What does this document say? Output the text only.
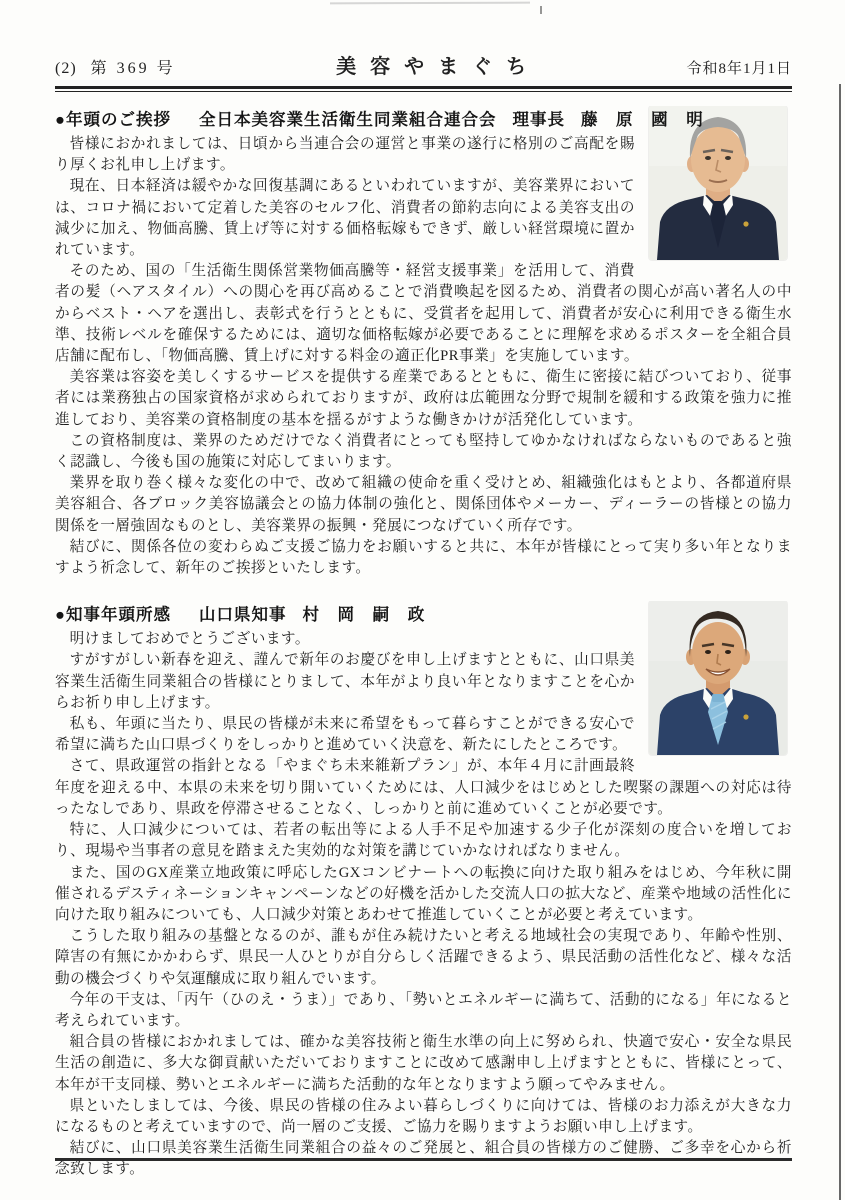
(2) 第 369 号	美容やまぐち	令和8年1月1日
●年頭のご挨拶 全日本美容業生活衛生同業組合連合会 理事長 藤 原 國 明

皆様におかれましては、日頃から当連合会の運営と事業の遂行に格別のご高配を賜り厚くお礼申し上げます。

現在、日本経済は緩やかな回復基調にあるといわれていますが、美容業界においては、コロナ禍において定着した美容のセルフ化、消費者の節約志向による美容支出の減少に加え、物価高騰、賃上げ等に対する価格転嫁もできず、厳しい経営環境に置かれています。

そのため、国の「生活衛生関係営業物価高騰等・経営支援事業」を活用して、消費者の髪（ヘアスタイル）への関心を再び高めることで消費喚起を図るため、消費者の関心が高い著名人の中からベスト・ヘアを選出し、表彰式を行うとともに、受賞者を起用して、消費者が安心に利用できる衛生水準、技術レベルを確保するためには、適切な価格転嫁が必要であることに理解を求めるポスターを全組合員店舗に配布し、「物価高騰、賃上げに対する料金の適正化PR事業」を実施しています。

美容業は容姿を美しくするサービスを提供する産業であるとともに、衛生に密接に結びついており、従事者には業務独占の国家資格が求められておりますが、政府は広範囲な分野で規制を緩和する政策を強力に推進しており、美容業の資格制度の基本を揺るがすような働きかけが活発化しています。

この資格制度は、業界のためだけでなく消費者にとっても堅持してゆかなければならないものであると強く認識し、今後も国の施策に対応してまいります。

業界を取り巻く様々な変化の中で、改めて組織の使命を重く受けとめ、組織強化はもとより、各都道府県美容組合、各ブロック美容協議会との協力体制の強化と、関係団体やメーカー、ディーラーの皆様との協力関係を一層強固なものとし、美容業界の振興・発展につなげていく所存です。

結びに、関係各位の変わらぬご支援ご協力をお願いすると共に、本年が皆様にとって実り多い年となりますよう祈念して、新年のご挨拶といたします。

●知事年頭所感 山口県知事 村 岡 嗣 政

明けましておめでとうございます。

すがすがしい新春を迎え、謹んで新年のお慶びを申し上げますとともに、山口県美容業生活衛生同業組合の皆様にとりまして、本年がより良い年となりますことを心からお祈り申し上げます。

私も、年頭に当たり、県民の皆様が未来に希望をもって暮らすことができる安心で希望に満ちた山口県づくりをしっかりと進めていく決意を、新たにしたところです。

さて、県政運営の指針となる「やまぐち未来維新プラン」が、本年４月に計画最終年度を迎える中、本県の未来を切り開いていくためには、人口減少をはじめとした喫緊の課題への対応は待ったなしであり、県政を停滞させることなく、しっかりと前に進めていくことが必要です。

特に、人口減少については、若者の転出等による人手不足や加速する少子化が深刻の度合いを増しており、現場や当事者の意見を踏まえた実効的な対策を講じていかなければなりません。

また、国のGX産業立地政策に呼応したGXコンビナートへの転換に向けた取り組みをはじめ、今年秋に開催されるデスティネーションキャンペーンなどの好機を活かした交流人口の拡大など、産業や地域の活性化に向けた取り組みについても、人口減少対策とあわせて推進していくことが必要と考えています。

こうした取り組みの基盤となるのが、誰もが住み続けたいと考える地域社会の実現であり、年齢や性別、障害の有無にかかわらず、県民一人ひとりが自分らしく活躍できるよう、県民活動の活性化など、様々な活動の機会づくりや気運醸成に取り組んでいます。

今年の干支は、「丙午（ひのえ・うま）」であり、「勢いとエネルギーに満ちて、活動的になる」年になると考えられています。

組合員の皆様におかれましては、確かな美容技術と衛生水準の向上に努められ、快適で安心・安全な県民生活の創造に、多大な御貢献いただいておりますことに改めて感謝申し上げますとともに、皆様にとって、本年が干支同様、勢いとエネルギーに満ちた活動的な年となりますよう願ってやみません。

県といたしましては、今後、県民の皆様の住みよい暮らしづくりに向けては、皆様のお力添えが大きな力になるものと考えていますので、尚一層のご支援、ご協力を賜りますようお願い申し上げます。

結びに、山口県美容業生活衛生同業組合の益々のご発展と、組合員の皆様方のご健勝、ご多幸を心から祈念致します。
